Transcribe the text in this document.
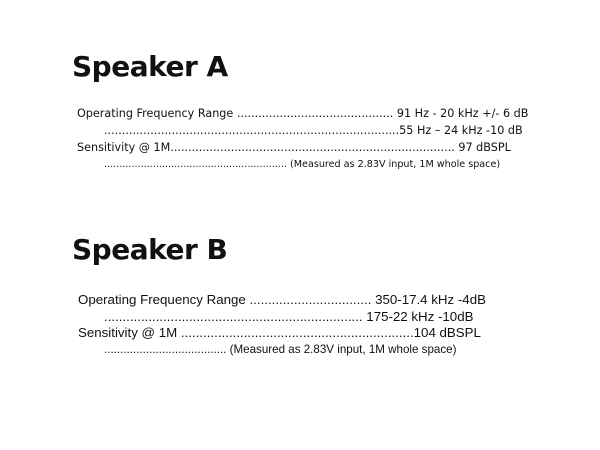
Speaker A
Operating Frequency Range ............................................ 91 Hz - 20 kHz +/- 6 dB
...................................................................................55 Hz – 24 kHz -10 dB
Sensitivity @ 1M................................................................................ 97 dBSPL
............................................................ (Measured as 2.83V input, 1M whole space)
Speaker B
Operating Frequency Range ................................. 350-17.4 kHz -4dB
...................................................................... 175-22 kHz -10dB
Sensitivity @ 1M ...............................................................104 dBSPL
...................................... (Measured as 2.83V input, 1M whole space)
